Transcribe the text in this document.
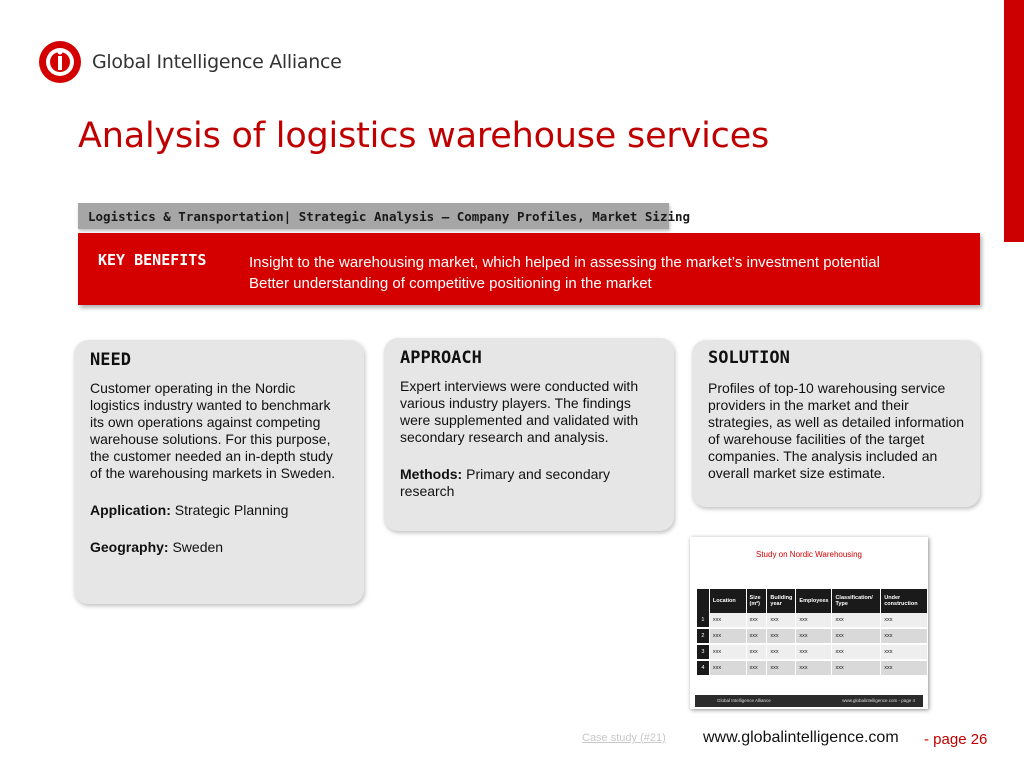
Global Intelligence Alliance
Analysis of logistics warehouse services
Logistics & Transportation| Strategic Analysis – Company Profiles, Market Sizing
KEY BENEFITS	Insight to the warehousing market, which helped in assessing the market’s investment potential
Better understanding of competitive positioning in the market
NEED

Customer operating in the Nordic logistics industry wanted to benchmark its own operations against competing warehouse solutions. For this purpose, the customer needed an in-depth study of the warehousing markets in Sweden.

Application: Strategic Planning

Geography: Sweden

APPROACH

Expert interviews were conducted with various industry players. The findings were supplemented and validated with secondary research and analysis.

Methods: Primary and secondary research

SOLUTION

Profiles of top-10 warehousing service providers in the market and their strategies, as well as detailed information of warehouse facilities of the target companies. The analysis included an overall market size estimate.

Study on Nordic Warehousing
	Location	Size (m²)	Building year	Employees	Classification/ Type	Under construction
1	xxx	xxx	xxx	xxx	xxx	xxx
2	xxx	xxx	xxx	xxx	xxx	xxx
3	xxx	xxx	xxx	xxx	xxx	xxx
4	xxx	xxx	xxx	xxx	xxx	xxx
Global Intelligence Alliance	www.globalintelligence.com - page 4
Case study (#21) www.globalintelligence.com - page 26
